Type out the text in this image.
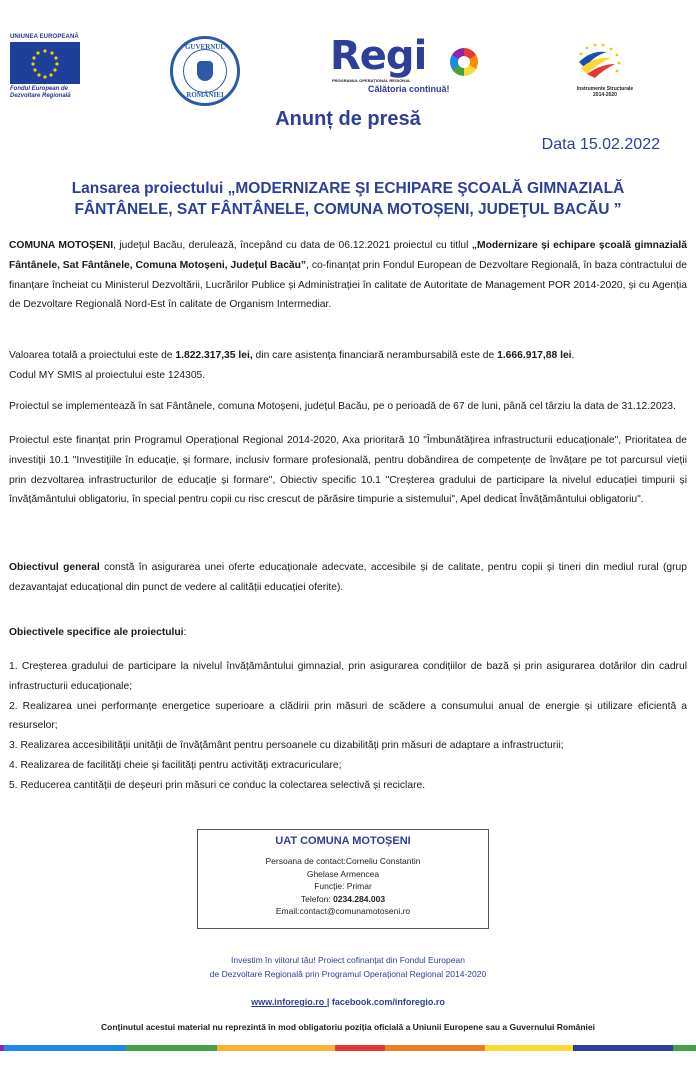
UNIUNEA EUROPEANĂ
Fondul European de
Dezvoltare Regională
GUVERNUL
ROMÂNIEI
Regi
PROGRAMUL OPERAȚIONAL REGIONAL
Călătoria continuă!	Instrumente Structurale
2014-2020
Anunț de presă
Data 15.02.2022
Lansarea proiectului „MODERNIZARE ŞI ECHIPARE ŞCOALĂ GIMNAZIALĂ
FÂNTÂNELE, SAT FÂNTÂNELE, COMUNA MOTOȘENI, JUDEŢUL BACĂU ”
COMUNA MOTOȘENI, județul Bacău, derulează, începând cu data de 06.12.2021 proiectul cu titlul „Modernizare și echipare școală gimnazială Fântânele, Sat Fântânele, Comuna Motoșeni, Județul Bacău”, co-finanțat prin Fondul European de Dezvoltare Regională, în baza contractului de finanțare încheiat cu Ministerul Dezvoltării, Lucrărilor Publice și Administrației în calitate de Autoritate de Management POR 2014-2020, și cu Agenția de Dezvoltare Regională Nord-Est în calitate de Organism Intermediar.
Valoarea totală a proiectului este de 1.822.317,35 lei, din care asistența financiară nerambursabilă este de 1.666.917,88 lei.
Codul MY SMIS al proiectului este 124305.
Proiectul se implementează în sat Fântânele, comuna Motoșeni, județul Bacău, pe o perioadă de 67 de luni, până cel târziu la data de 31.12.2023.
Proiectul este finanțat prin Programul Operațional Regional 2014-2020, Axa prioritară 10 "Îmbunătățirea infrastructurii educaționale", Prioritatea de investiții 10.1 "Investițiile în educație, și formare, inclusiv formare profesională, pentru dobândirea de competențe de învățare pe tot parcursul vieții prin dezvoltarea infrastructurilor de educație și formare", Obiectiv specific 10.1 "Creșterea gradului de participare la nivelul educației timpurii și învățământului obligatoriu, în special pentru copii cu risc crescut de părăsire timpurie a sistemului", Apel dedicat Învățământului obligatoriu".
Obiectivul general constă în asigurarea unei oferte educaționale adecvate, accesibile și de calitate, pentru copii și tineri din mediul rural (grup dezavantajat educațional din punct de vedere al calității educației oferite).
Obiectivele specifice ale proiectului:
1. Creșterea gradului de participare la nivelul învățământului gimnazial, prin asigurarea condițiilor de bază și prin asigurarea dotărilor din cadrul infrastructurii educaționale;
2. Realizarea unei performanțe energetice superioare a clădirii prin măsuri de scădere a consumului anual de energie și utilizare eficientă a resurselor;
3. Realizarea accesibilității unității de învățământ pentru persoanele cu dizabilități prin măsuri de adaptare a infrastructurii;
4. Realizarea de facilități cheie și facilități pentru activități extracuriculare;
5. Reducerea cantității de deșeuri prin măsuri ce conduc la colectarea selectivă și reciclare.
UAT COMUNA MOTOȘENI
Persoana de contact:Corneliu Constantin
Ghelase Armencea
Funcție: Primar
Telefon: 0234.284.003
Email:contact@comunamotoseni.ro
Investim în viitorul tău! Proiect cofinanțat din Fondul European
de Dezvoltare Regională prin Programul Operațional Regional 2014-2020
www.inforegio.ro | facebook.com/inforegio.ro
Conținutul acestui material nu reprezintă în mod obligatoriu poziția oficială a Uniunii Europene sau a Guvernului României
